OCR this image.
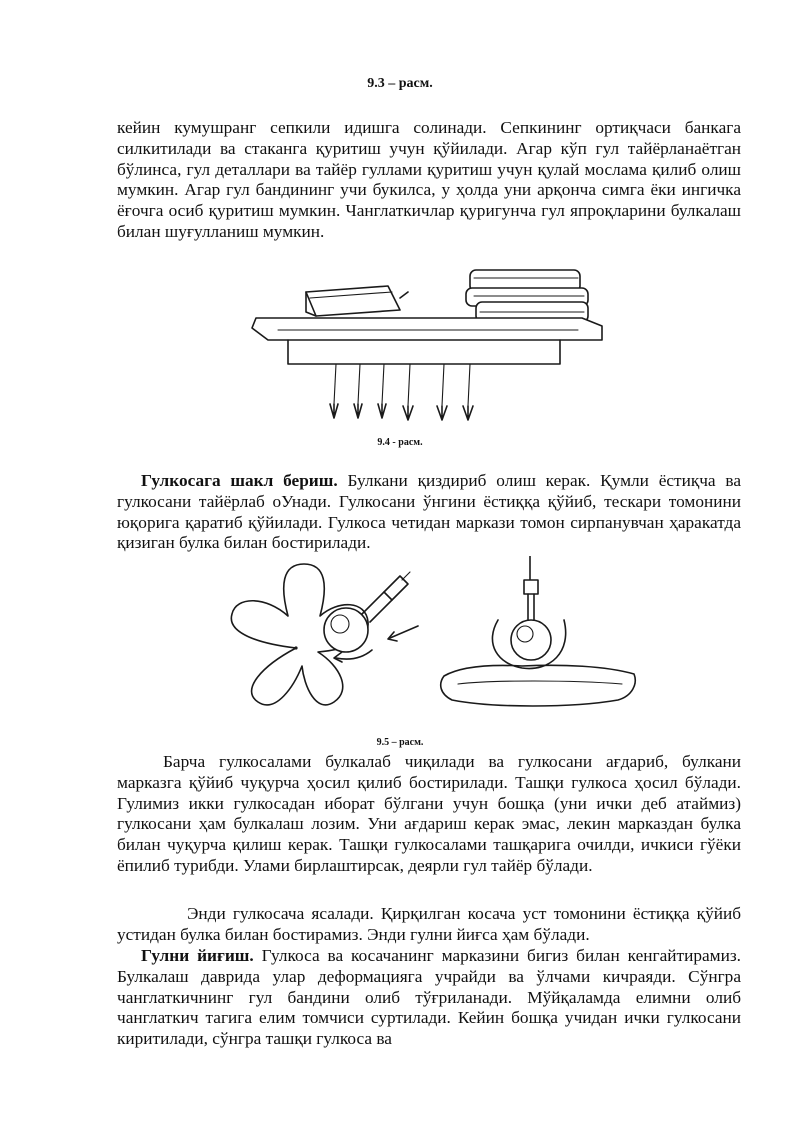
9.3 – расм.

кейин кумушранг сепкили идишга солинади. Сепкининг ортиқчаси банкага силкитилади ва стаканга қуритиш учун қўйилади. Агар кўп гул тайёрланаётган бўлинса, гул деталлари ва тайёр гуллами қуритиш учун қулай мослама қилиб олиш мумкин. Агар гул бандининг учи букилса, у ҳолда уни арқонча симга ёки ингичка ёғочга осиб қуритиш мумкин. Чанглаткичлар қуригунча гул япроқларини булкалаш билан шуғулланиш мумкин.

9.4 - расм.

Гулкосага шакл бериш. Булкани қиздириб олиш керак. Қумли ёстиқча ва гулкосани тайёрлаб оУнади. Гулкосани ўнгини ёстиққа қўйиб, тескари томонини юқорига қаратиб қўйилади. Гулкоса четидан маркази томон сирпанувчан ҳаракатда қизиган булка билан бостирилади.

9.5 – расм.

Барча гулкосалами булкалаб чиқилади ва гулкосани ағдариб, булкани марказга қўйиб чуқурча ҳосил қилиб бостирилади. Ташқи гулкоса ҳосил бўлади. Гулимиз икки гулкосадан иборат бўлгани учун бошқа (уни ички деб атаймиз) гулкосани ҳам булкалаш лозим. Уни ағдариш керак эмас, лекин марказдан булка билан чуқурча қилиш керак. Ташқи гулкосалами ташқарига очилди, ичкиси гўёки ёпилиб турибди. Улами бирлаштирсак, деярли гул тайёр бўлади.

Энди гулкосача ясалади. Қирқилган косача уст томонини ёстиққа қўйиб устидан булка билан бостирамиз. Энди гулни йиғса ҳам бўлади.

Гулни йиғиш. Гулкоса ва косачанинг марказини бигиз билан кенгайтирамиз. Булкалаш даврида улар деформацияга учрайди ва ўлчами кичраяди. Сўнгра чанглаткичнинг гул бандини олиб тўғриланади. Мўйқаламда елимни олиб чанглаткич тагига елим томчиси суртилади. Кейин бошқа учидан ички гулкосани киритилади, сўнгра ташқи гулкоса ва
